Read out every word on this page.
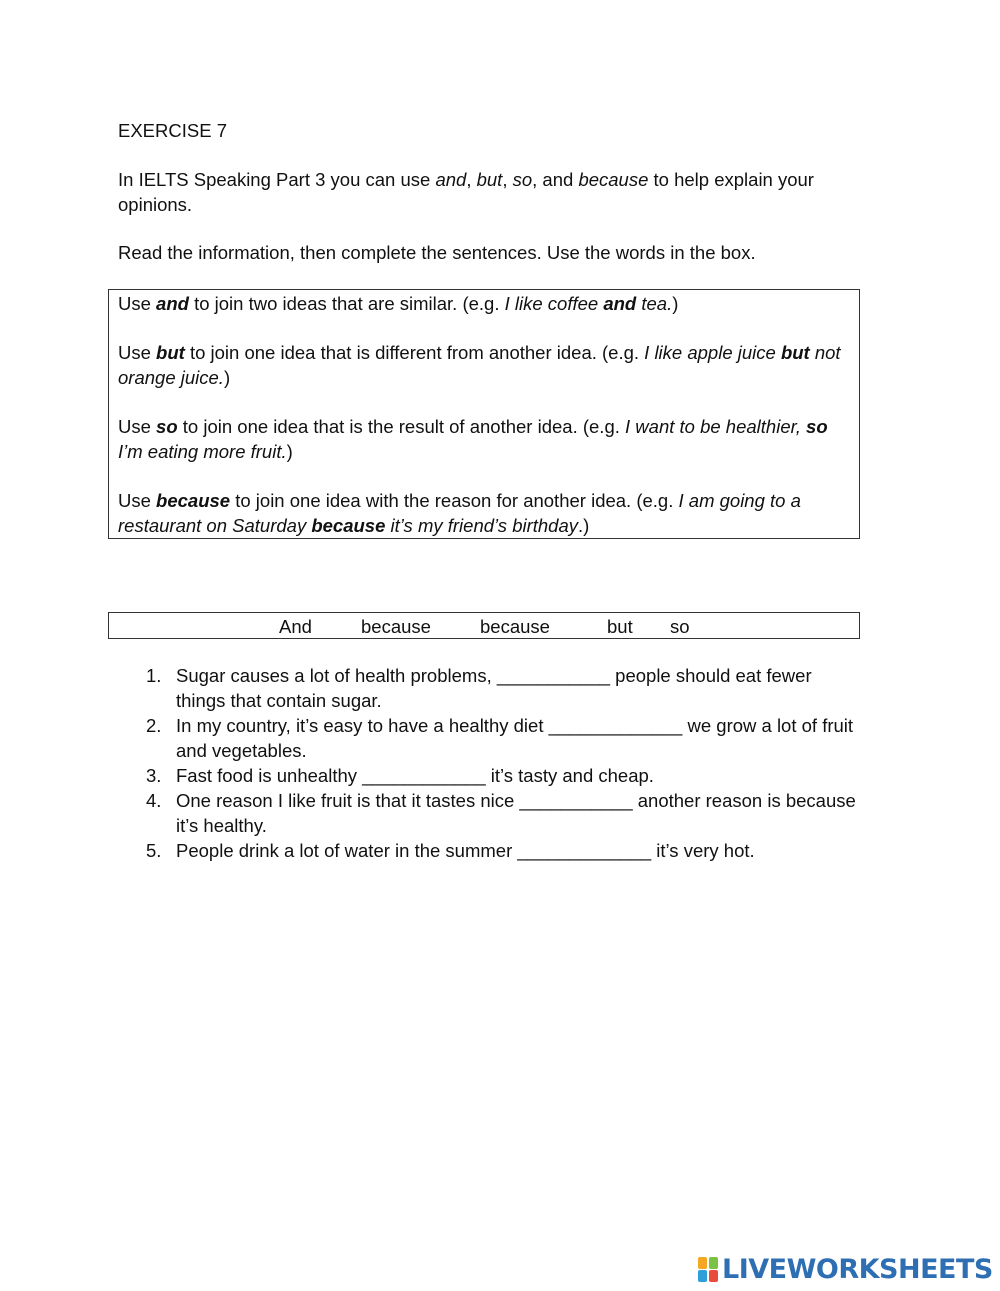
EXERCISE 7
In IELTS Speaking Part 3 you can use and, but, so, and because to help explain your opinions.
Read the information, then complete the sentences. Use the words in the box.

Use and to join two ideas that are similar. (e.g. I like coffee and tea.)

Use but to join one idea that is different from another idea. (e.g. I like apple juice but not orange juice.)

Use so to join one idea that is the result of another idea. (e.g. I want to be healthier, so I’m eating more fruit.)

Use because to join one idea with the reason for another idea. (e.g. I am going to a restaurant on Saturday because it’s my friend’s birthday.)

And	because	because	but so
1. Sugar causes a lot of health problems, ___________ people should eat fewer things that contain sugar.
2. In my country, it’s easy to have a healthy diet _____________ we grow a lot of fruit and vegetables.
3. Fast food is unhealthy ____________ it’s tasty and cheap.
4. One reason I like fruit is that it tastes nice ___________ another reason is because it’s healthy.
5. People drink a lot of water in the summer _____________ it’s very hot.
LIVEWORKSHEETS
